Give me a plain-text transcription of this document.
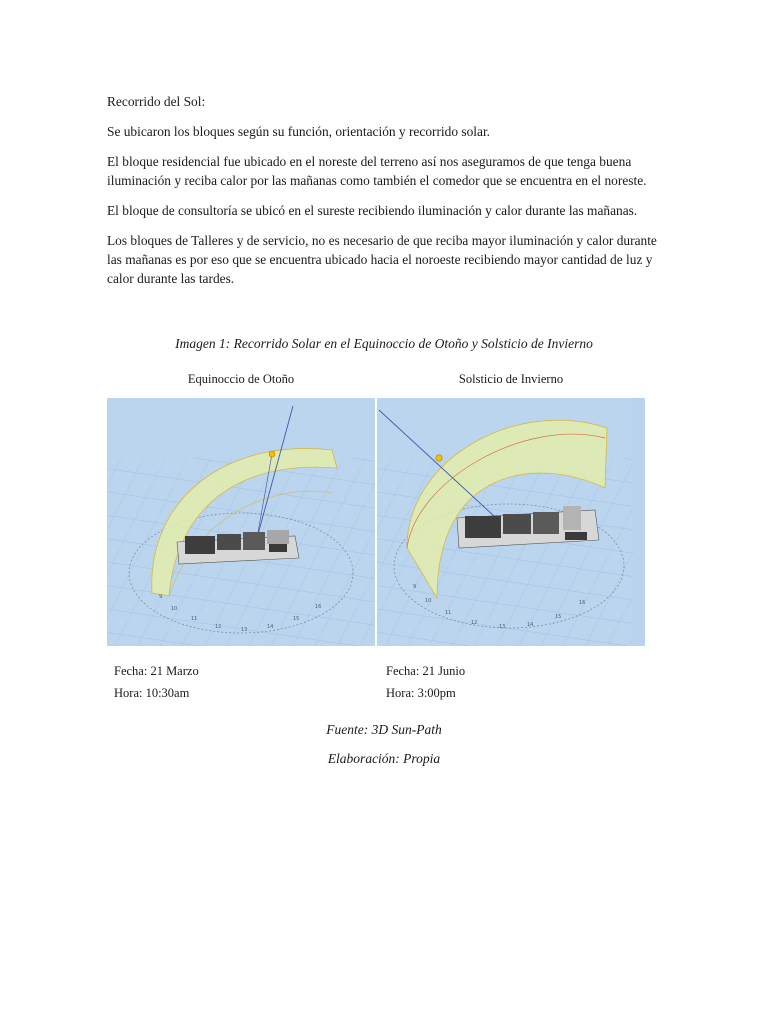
Recorrido del Sol:

Se ubicaron los bloques según su función, orientación y recorrido solar.

El bloque residencial fue ubicado en el noreste del terreno así nos aseguramos de que tenga buena iluminación y reciba calor por las mañanas como también el comedor que se encuentra en el noreste.

El bloque de consultoría se ubicó en el sureste recibiendo iluminación y calor durante las mañanas.

Los bloques de Talleres y de servicio, no es necesario de que reciba mayor iluminación y calor durante las mañanas es por eso que se encuentra ubicado hacia el noroeste recibiendo mayor cantidad de luz y calor durante las tardes.

Imagen 1: Recorrido Solar en el Equinoccio de Otoño y Solsticio de Invierno
Equinoccio de Otoño	Solsticio de Invierno
9
10
11
12	13	14
15
16
9
10
11
12
13	14
15
16
Fecha: 21 Marzo
Hora: 10:30am
Fecha: 21 Junio
Hora: 3:00pm
Fuente: 3D Sun-Path
Elaboración: Propia
